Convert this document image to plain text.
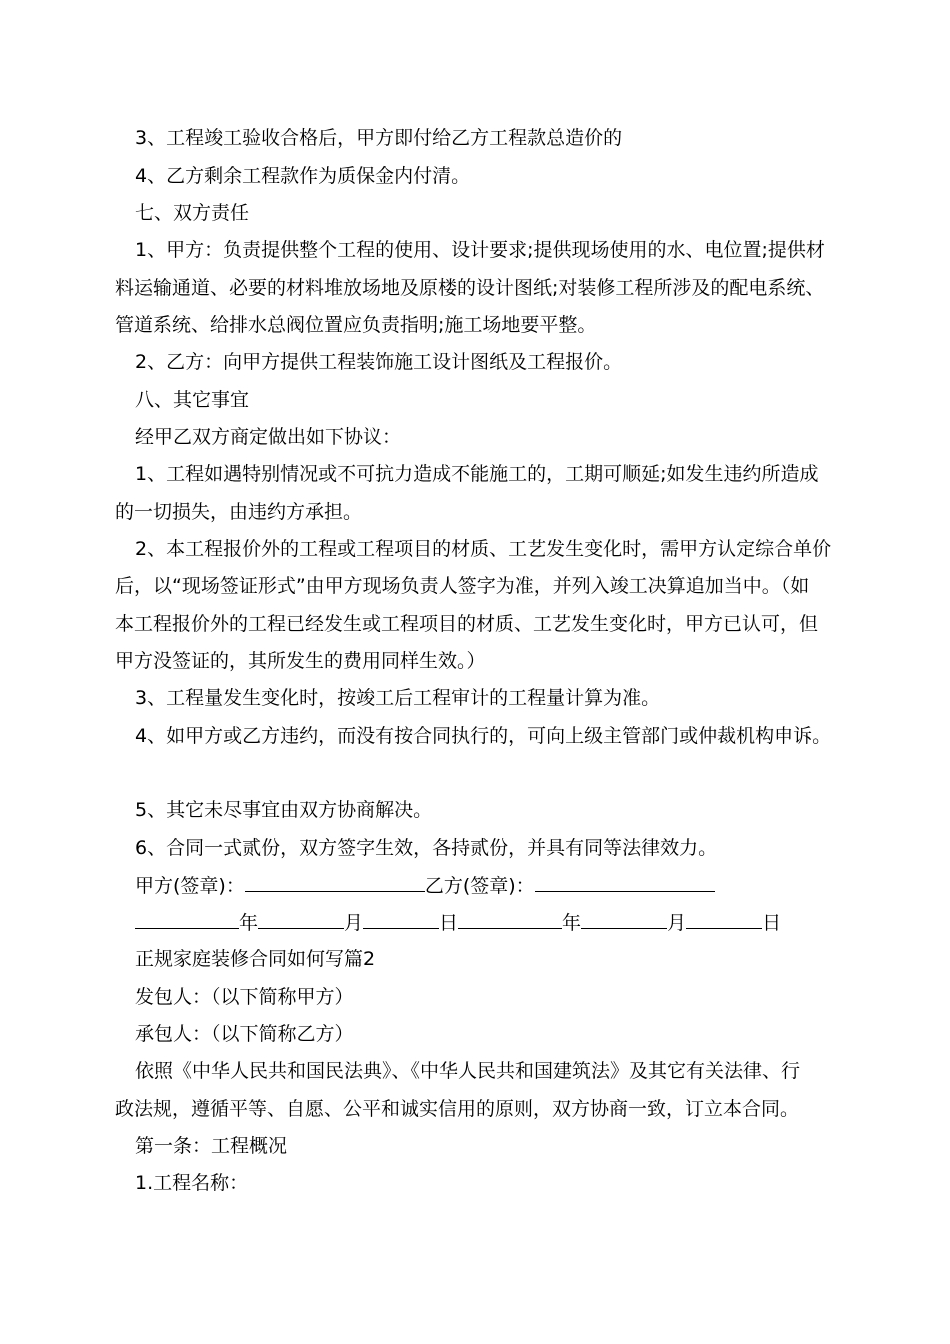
3、工程竣工验收合格后，甲方即付给乙方工程款总造价的
4、乙方剩余工程款作为质保金内付清。
七、双方责任
1、甲方：负责提供整个工程的使用、设计要求;提供现场使用的水、电位置;提供材
料运输通道、必要的材料堆放场地及原楼的设计图纸;对装修工程所涉及的配电系统、
管道系统、给排水总阀位置应负责指明;施工场地要平整。
2、乙方：向甲方提供工程装饰施工设计图纸及工程报价。
八、其它事宜
经甲乙双方商定做出如下协议：
1、工程如遇特别情况或不可抗力造成不能施工的，工期可顺延;如发生违约所造成
的一切损失，由违约方承担。
2、本工程报价外的工程或工程项目的材质、工艺发生变化时，需甲方认定综合单价
后，以“现场签证形式”由甲方现场负责人签字为准，并列入竣工决算追加当中。（如
本工程报价外的工程已经发生或工程项目的材质、工艺发生变化时，甲方已认可，但
甲方没签证的，其所发生的费用同样生效。）
3、工程量发生变化时，按竣工后工程审计的工程量计算为准。
4、如甲方或乙方违约，而没有按合同执行的，可向上级主管部门或仲裁机构申诉。
5、其它未尽事宜由双方协商解决。
6、合同一式贰份，双方签字生效，各持贰份，并具有同等法律效力。
甲方(签章)：	乙方(签章)：
年	月	日	年	月	日
正规家庭装修合同如何写篇2
发包人：（以下简称甲方）
承包人：（以下简称乙方）
依照《中华人民共和国民法典》、《中华人民共和国建筑法》及其它有关法律、行
政法规，遵循平等、自愿、公平和诚实信用的原则，双方协商一致，订立本合同。
第一条：工程概况
1.工程名称：
